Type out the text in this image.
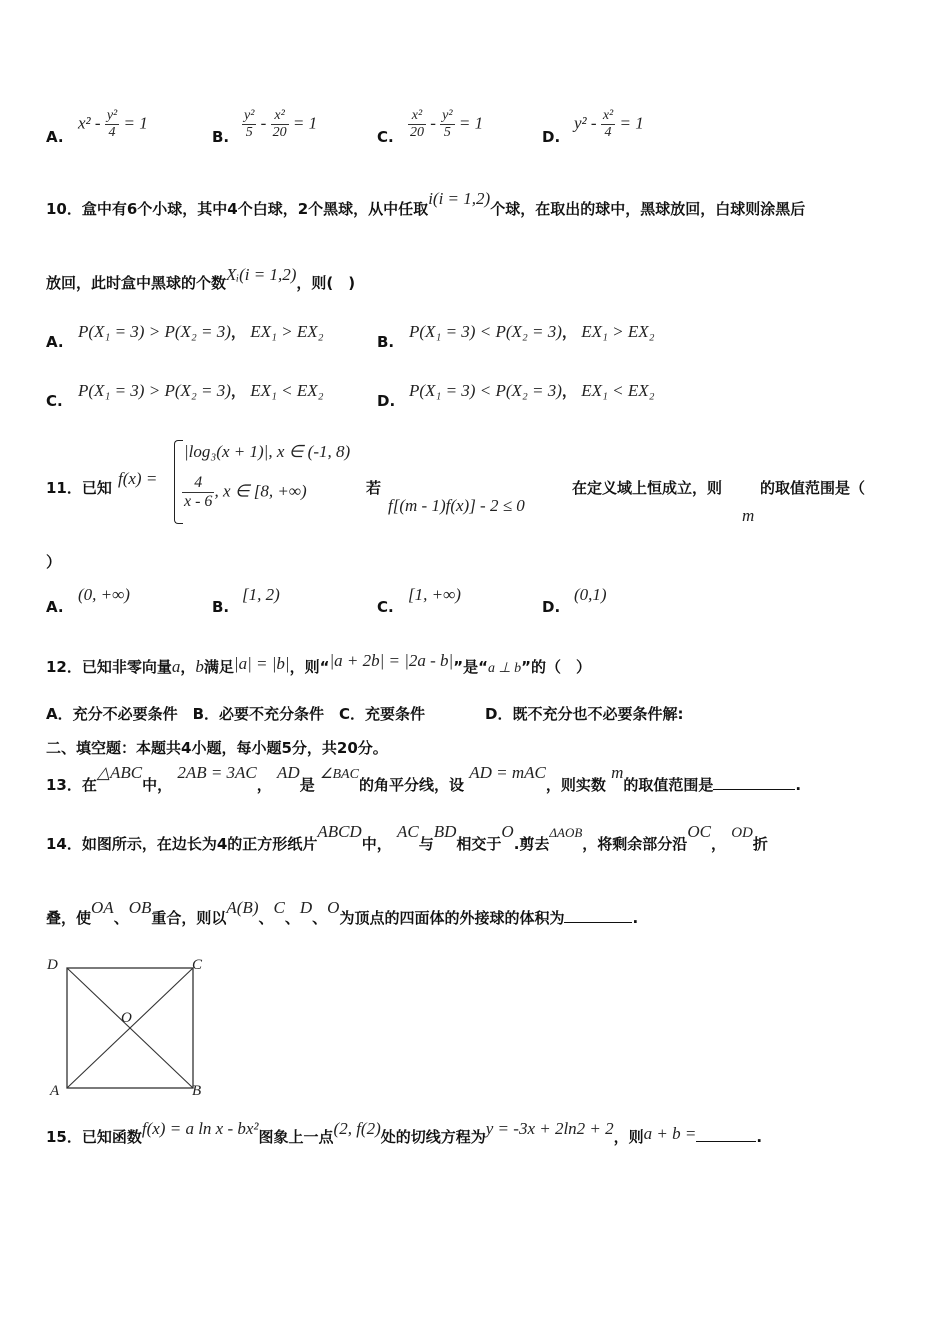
A.
$x^2 - \frac{\text{y²}}{4} = 1$
B. $\frac{\text{y²}}{5} - \frac{\text{x²}}{20} = 1$
C. $\frac{\text{x²}}{20} - \frac{\text{y²}}{5} = 1$
D.
$y^2 - \frac{\text{x²}}{4} = 1$
10．盒中有6个小球，其中4个白球，2个黑球，从中任取i(i = 1,2)个球，在取出的球中，黑球放回，白球则涂黑后
放回，此时盒中黑球的个数Xᵢ(i = 1,2)，则(　)
A.
P(X₁ = 3) > P(X₂ = 3)， EX₁ > EX₂
B.
P(X₁ = 3) < P(X₂ = 3)， EX₁ > EX₂
C.
P(X₁ = 3) > P(X₂ = 3)， EX₁ < EX₂
D.
P(X₁ = 3) < P(X₂ = 3)， EX₁ < EX₂
11．已知 f(x) =
|log₃(x + 1)|, x ∈ (-1, 8)
$\frac{4}{x - 6}$ , x ∈ [8, +∞)	若
f[(m - 1)f(x)] - 2 ≤ 0
在定义域上恒成立，则
m
的取值范围是（
）
A.
(0, +∞)
B.
[1, 2)
C.
[1, +∞)
D.
(0,1)
12．已知非零向量a，b满足|a| = |b|，则“|a + 2b| = |2a - b|”是“a ⊥ b”的（　）
A．充分不必要条件　B．必要不充分条件　C．充要条件　　　　D．既不充分也不必要条件解:
二、填空题：本题共4小题，每小题5分，共20分。
13．在△ABC中， 2AB = 3AC， AD是 ∠BAC的角平分线，设 AD = mAC，则实数 m的取值范围是	.
14．如图所示，在边长为4的正方形纸片ABCD中， AC与BD相交于O.剪去ΔAOB，将剩余部分沿OC， OD折
叠，使OA、OB重合，则以A(B)、C、D、O为顶点的四面体的外接球的体积为	.
D	C
O
A	B
15．已知函数f(x) = a ln x - bx²图象上一点(2, f(2)处的切线方程为y = -3x + 2ln2 + 2，则a + b =	.
